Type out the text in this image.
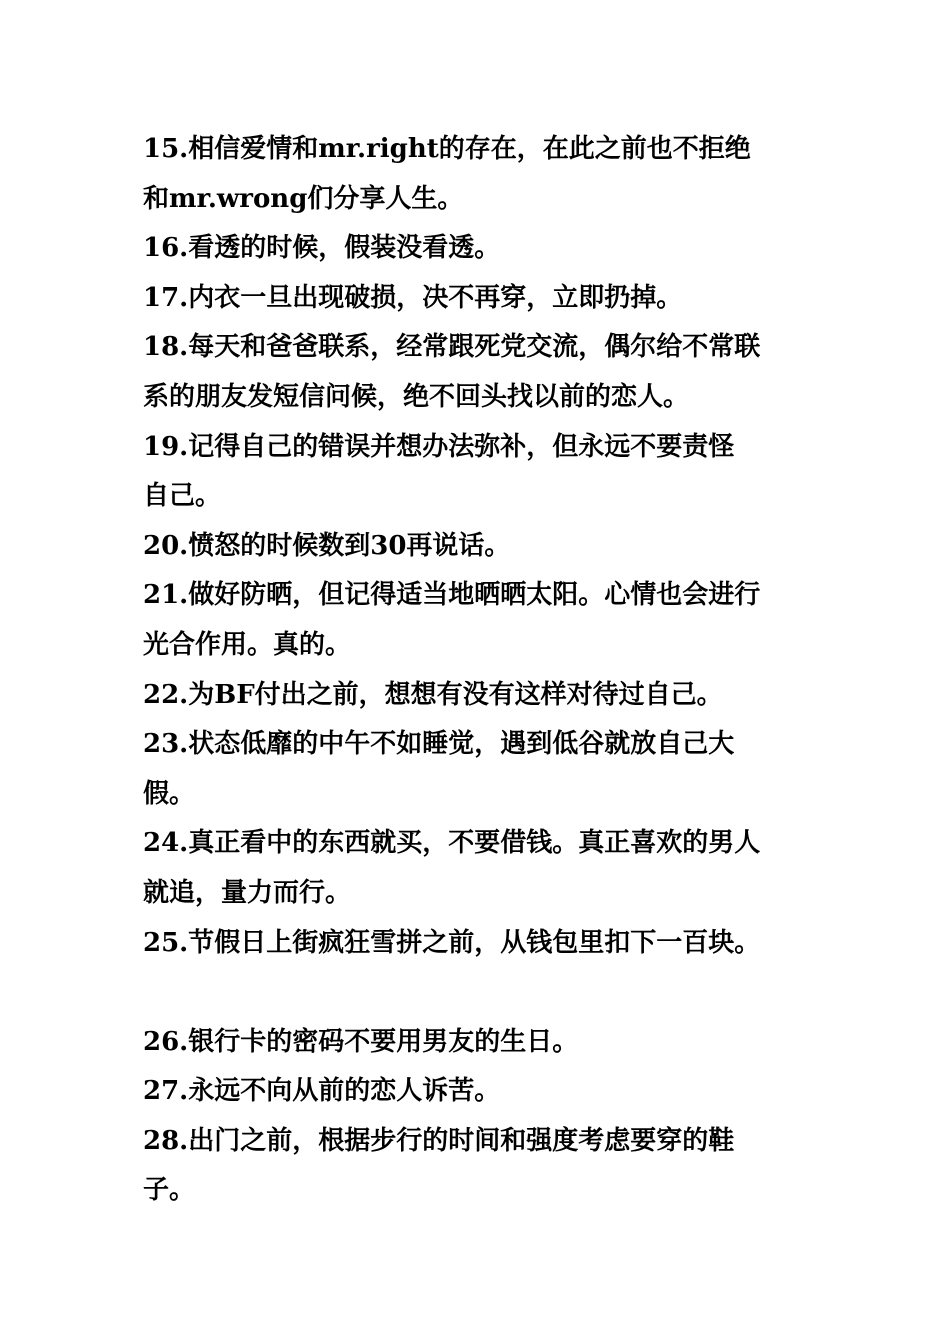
15.相信爱情和mr.right的存在，在此之前也不拒绝
和mr.wrong们分享人生。
16.看透的时候，假装没看透。
17.内衣一旦出现破损，决不再穿，立即扔掉。
18.每天和爸爸联系，经常跟死党交流，偶尔给不常联
系的朋友发短信问候，绝不回头找以前的恋人。
19.记得自己的错误并想办法弥补，但永远不要责怪
自己。
20.愤怒的时候数到30再说话。
21.做好防晒，但记得适当地晒晒太阳。心情也会进行
光合作用。真的。
22.为BF付出之前，想想有没有这样对待过自己。
23.状态低靡的中午不如睡觉，遇到低谷就放自己大
假。
24.真正看中的东西就买，不要借钱。真正喜欢的男人
就追，量力而行。
25.节假日上街疯狂雪拼之前，从钱包里扣下一百块。
26.银行卡的密码不要用男友的生日。
27.永远不向从前的恋人诉苦。
28.出门之前，根据步行的时间和强度考虑要穿的鞋
子。
